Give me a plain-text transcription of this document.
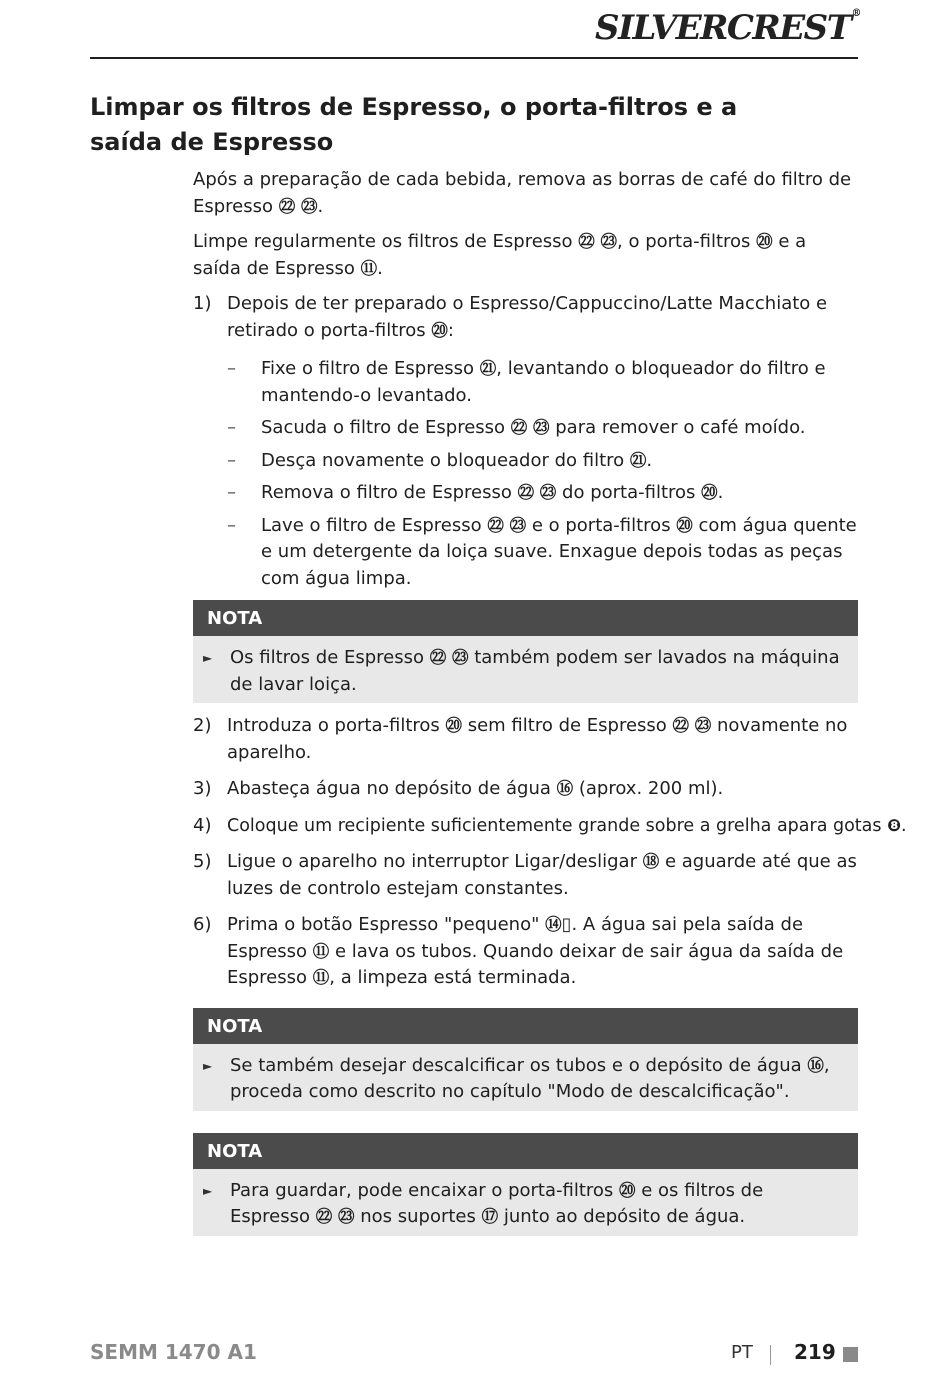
SILVERCREST®
Limpar os filtros de Espresso, o porta-filtros e a saída de Espresso

Após a preparação de cada bebida, remova as borras de café do filtro de Espresso ㉒ ㉓.

Limpe regularmente os filtros de Espresso ㉒ ㉓, o porta-filtros ⑳ e a saída de Espresso ⑪.

1) Depois de ter preparado o Espresso/Cappuccino/Latte Macchiato e retirado o porta-filtros ⑳:
–	Fixe o filtro de Espresso ㉑, levantando o bloqueador do filtro e mantendo-o levantado.
–	Sacuda o filtro de Espresso ㉒ ㉓ para remover o café moído.
–	Desça novamente o bloqueador do filtro ㉑.
–	Remova o filtro de Espresso ㉒ ㉓ do porta-filtros ⑳.
–	Lave o filtro de Espresso ㉒ ㉓ e o porta-filtros ⑳ com água quente e um detergente da loiça suave. Enxague depois todas as peças com água limpa.
NOTA
► Os filtros de Espresso ㉒ ㉓ também podem ser lavados na máquina de lavar loiça.
2) Introduza o porta-filtros ⑳ sem filtro de Espresso ㉒ ㉓ novamente no aparelho.
3) Abasteça água no depósito de água ⑯ (aprox. 200 ml).
4) Coloque um recipiente suficientemente grande sobre a grelha apara gotas ❽.
5) Ligue o aparelho no interruptor Ligar/desligar ⑱ e aguarde até que as luzes de controlo estejam constantes.
6) Prima o botão Espresso "pequeno" ⑭▯. A água sai pela saída de Espresso ⑪ e lava os tubos. Quando deixar de sair água da saída de Espresso ⑪, a limpeza está terminada.
NOTA
► Se também desejar descalcificar os tubos e o depósito de água ⑯, proceda como descrito no capítulo "Modo de descalcificação".
NOTA
► Para guardar, pode encaixar o porta-filtros ⑳ e os filtros de Espresso ㉒ ㉓ nos suportes ⑰ junto ao depósito de água.
SEMM 1470 A1	PT 219
